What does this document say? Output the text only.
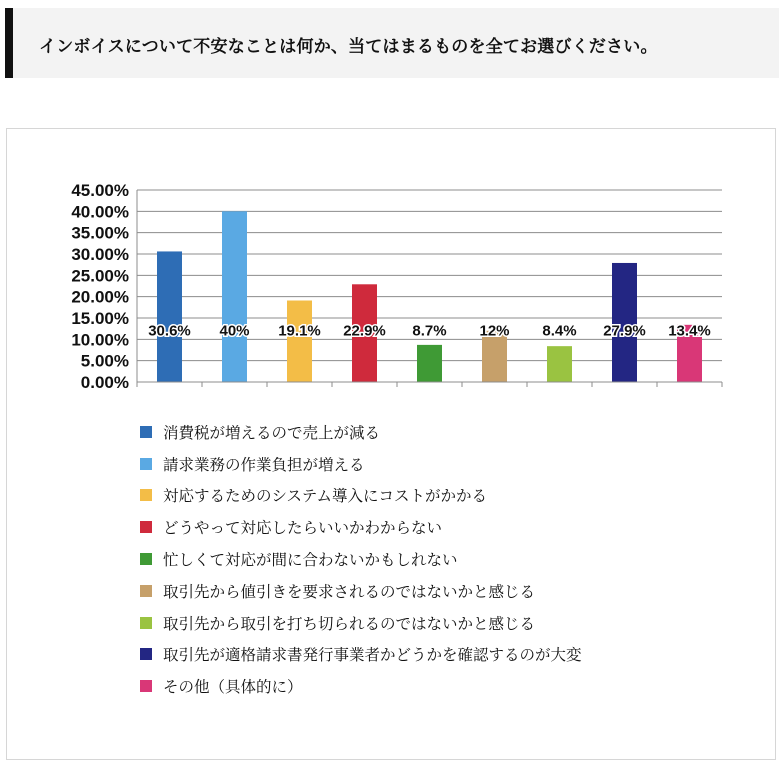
インボイスについて不安なことは何か、当てはまるものを全てお選びください。
45.00%
40.00%
35.00%
30.00%
25.00%
20.00%
15.00%
10.00%
5.00%
0.00%
30.6% 40% 19.1% 22.9% 8.7% 12% 8.4% 27.9% 13.4%
消費税が増えるので売上が減る
請求業務の作業負担が増える
対応するためのシステム導入にコストがかかる
どうやって対応したらいいかわからない
忙しくて対応が間に合わないかもしれない
取引先から値引きを要求されるのではないかと感じる
取引先から取引を打ち切られるのではないかと感じる
取引先が適格請求書発行事業者かどうかを確認するのが大変
その他（具体的に）
